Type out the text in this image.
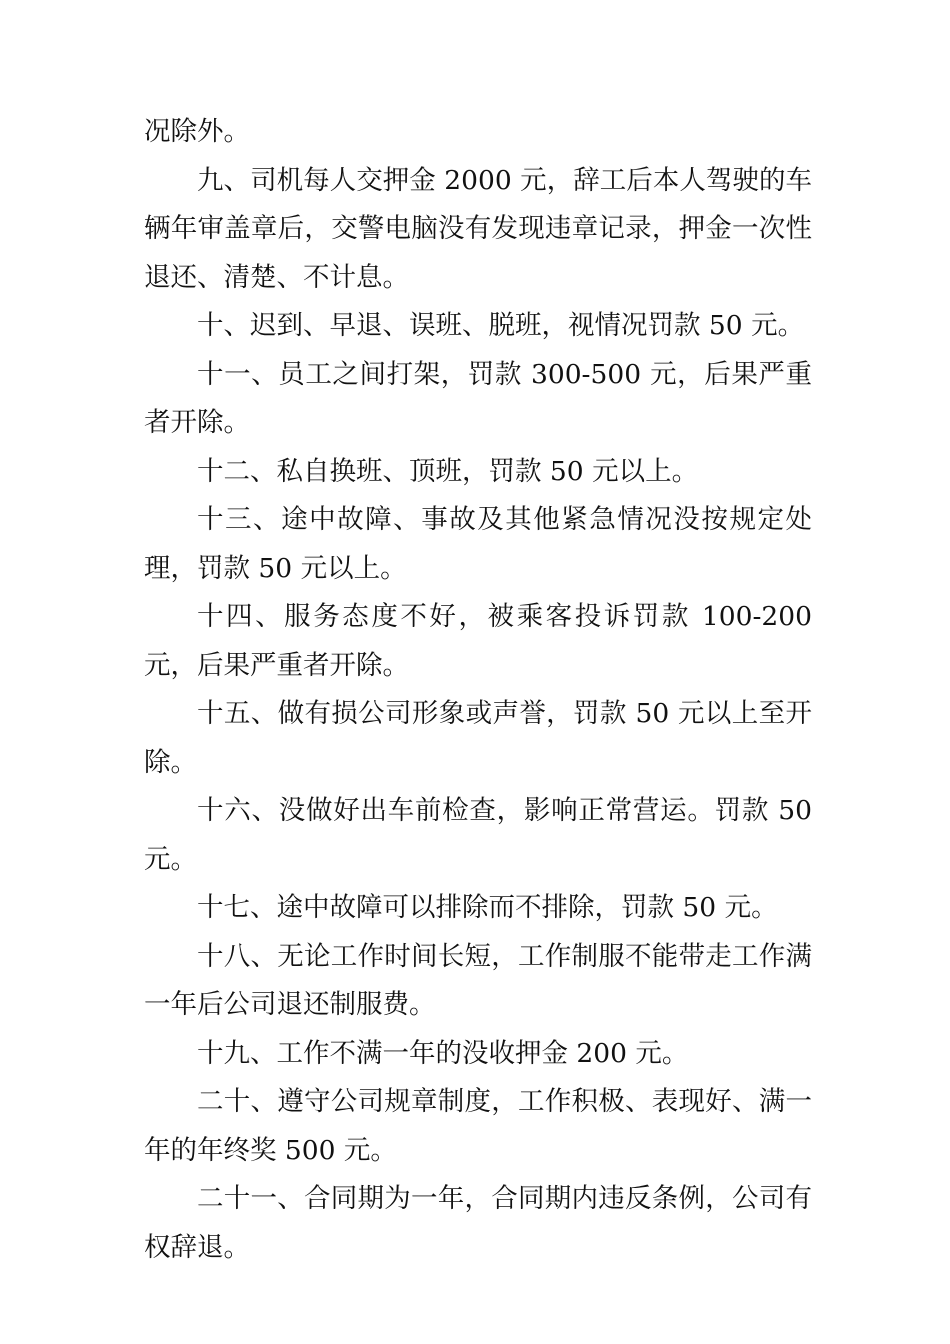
况除外。

九、司机每人交押金 2000 元，辞工后本人驾驶的车辆年审盖章后，交警电脑没有发现违章记录，押金一次性退还、清楚、不计息。

十、迟到、早退、误班、脱班，视情况罚款 50 元。

十一、员工之间打架，罚款 300-500 元，后果严重者开除。

十二、私自换班、顶班，罚款 50 元以上。

十三、途中故障、事故及其他紧急情况没按规定处理，罚款 50 元以上。

十四、服务态度不好，被乘客投诉罚款 100-200 元，后果严重者开除。

十五、做有损公司形象或声誉，罚款 50 元以上至开除。

十六、没做好出车前检查，影响正常营运。罚款 50 元。

十七、途中故障可以排除而不排除，罚款 50 元。

十八、无论工作时间长短，工作制服不能带走工作满一年后公司退还制服费。

十九、工作不满一年的没收押金 200 元。

二十、遵守公司规章制度，工作积极、表现好、满一年的年终奖 500 元。

二十一、合同期为一年，合同期内违反条例，公司有权辞退。
